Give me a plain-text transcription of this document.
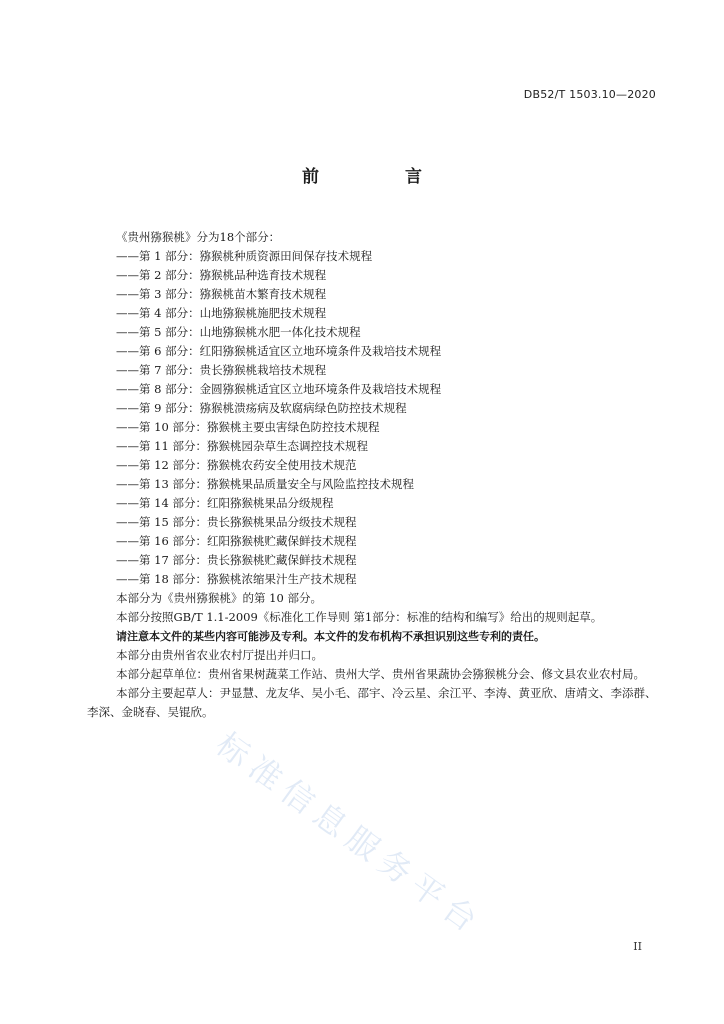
DB52/T 1503.10—2020
前 言

《贵州猕猴桃》分为18个部分：

——第 1 部分：猕猴桃种质资源田间保存技术规程

——第 2 部分：猕猴桃品种选育技术规程

——第 3 部分：猕猴桃苗木繁育技术规程

——第 4 部分：山地猕猴桃施肥技术规程

——第 5 部分：山地猕猴桃水肥一体化技术规程

——第 6 部分：红阳猕猴桃适宜区立地环境条件及栽培技术规程

——第 7 部分：贵长猕猴桃栽培技术规程

——第 8 部分：金圆猕猴桃适宜区立地环境条件及栽培技术规程

——第 9 部分：猕猴桃溃疡病及软腐病绿色防控技术规程

——第 10 部分：猕猴桃主要虫害绿色防控技术规程

——第 11 部分：猕猴桃园杂草生态调控技术规程

——第 12 部分：猕猴桃农药安全使用技术规范

——第 13 部分：猕猴桃果品质量安全与风险监控技术规程

——第 14 部分：红阳猕猴桃果品分级规程

——第 15 部分：贵长猕猴桃果品分级技术规程

——第 16 部分：红阳猕猴桃贮藏保鲜技术规程

——第 17 部分：贵长猕猴桃贮藏保鲜技术规程

——第 18 部分：猕猴桃浓缩果汁生产技术规程

本部分为《贵州猕猴桃》的第 10 部分。

本部分按照GB/T 1.1-2009《标准化工作导则 第1部分：标准的结构和编写》给出的规则起草。

请注意本文件的某些内容可能涉及专利。本文件的发布机构不承担识别这些专利的责任。

本部分由贵州省农业农村厅提出并归口。

本部分起草单位：贵州省果树蔬菜工作站、贵州大学、贵州省果蔬协会猕猴桃分会、修文县农业农村局。

本部分主要起草人：尹显慧、龙友华、吴小毛、邵宇、冷云星、余江平、李涛、黄亚欣、唐靖文、李添群、李深、金晓春、吴锟欣。

标准信息服务平台
II
